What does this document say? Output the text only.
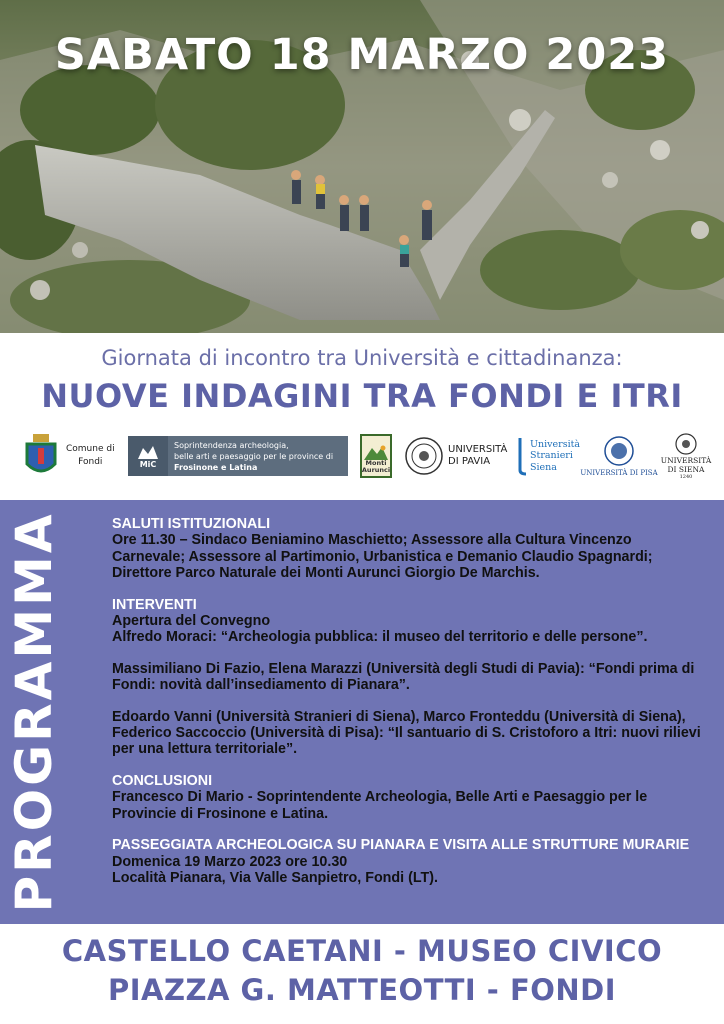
SABATO 18 MARZO 2023
Giornata di incontro tra Università e cittadinanza:
NUOVE INDAGINI TRA FONDI E ITRI
Comune di
Fondi	MiC
Soprintendenza archeologia,
belle arti e paesaggio per le province di
Frosinone e Latina	Monti
Aurunci
UNIVERSITÀ
DI PAVIA
Università
Stranieri
Siena
UNIVERSITÀ DI PISA
UNIVERSITÀ
DI SIENA
1240
PROGRAMMA	SALUTI ISTITUZIONALI

Ore 11.30 – Sindaco Beniamino Maschietto; Assessore alla Cultura Vincenzo Carnevale; Assessore al Partimonio, Urbanistica e Demanio Claudio Spagnardi; Direttore Parco Naturale dei Monti Aurunci Giorgio De Marchis.

INTERVENTI

Apertura del Convegno

Alfredo Moraci: “Archeologia pubblica: il museo del territorio e delle persone”.

Massimiliano Di Fazio, Elena Marazzi (Università degli Studi di Pavia): “Fondi prima di Fondi: novità dall’insediamento di Pianara”.

Edoardo Vanni (Università Stranieri di Siena), Marco Fronteddu (Università di Siena), Federico Saccoccio (Università di Pisa): “Il santuario di S. Cristoforo a Itri: nuovi rilievi per una lettura territoriale”.

CONCLUSIONI

Francesco Di Mario - Soprintendente Archeologia, Belle Arti e Paesaggio per le Provincie di Frosinone e Latina.

PASSEGGIATA ARCHEOLOGICA SU PIANARA E VISITA ALLE STRUTTURE MURARIE

Domenica 19 Marzo 2023 ore 10.30

Località Pianara, Via Valle Sanpietro, Fondi (LT).

CASTELLO CAETANI - MUSEO CIVICO
PIAZZA G. MATTEOTTI - FONDI
